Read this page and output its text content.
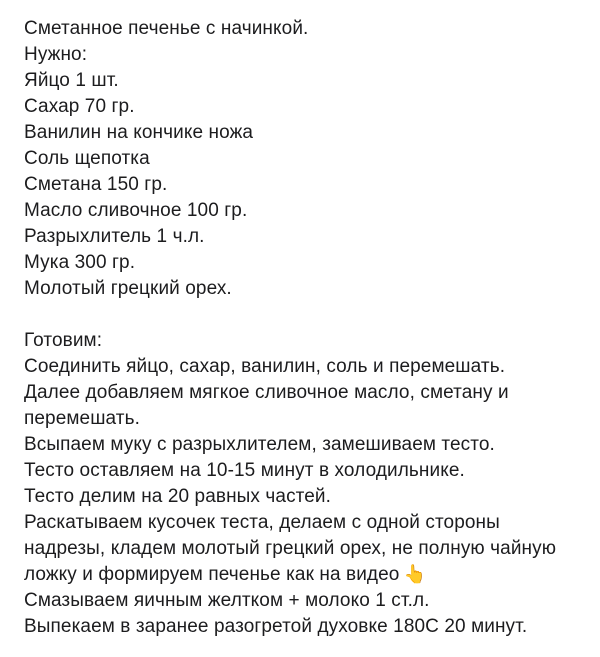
Сметанное печенье с начинкой.
Нужно:
Яйцо 1 шт.
Сахар 70 гр.
Ванилин на кончике ножа
Соль щепотка
Сметана 150 гр.
Масло сливочное 100 гр.
Разрыхлитель 1 ч.л.
Мука 300 гр.
Молотый грецкий орех.
Готовим:
Соединить яйцо, сахар, ванилин, соль и перемешать.
Далее добавляем мягкое сливочное масло, сметану и перемешать.
Всыпаем муку с разрыхлителем, замешиваем тесто.
Тесто оставляем на 10-15 минут в холодильнике.
Тесто делим на 20 равных частей.
Раскатываем кусочек теста, делаем с одной стороны надрезы, кладем молотый грецкий орех, не полную чайную ложку и формируем печенье как на видео 👆
Смазываем яичным желтком + молоко 1 ст.л.
Выпекаем в заранее разогретой духовке 180С 20 минут.
